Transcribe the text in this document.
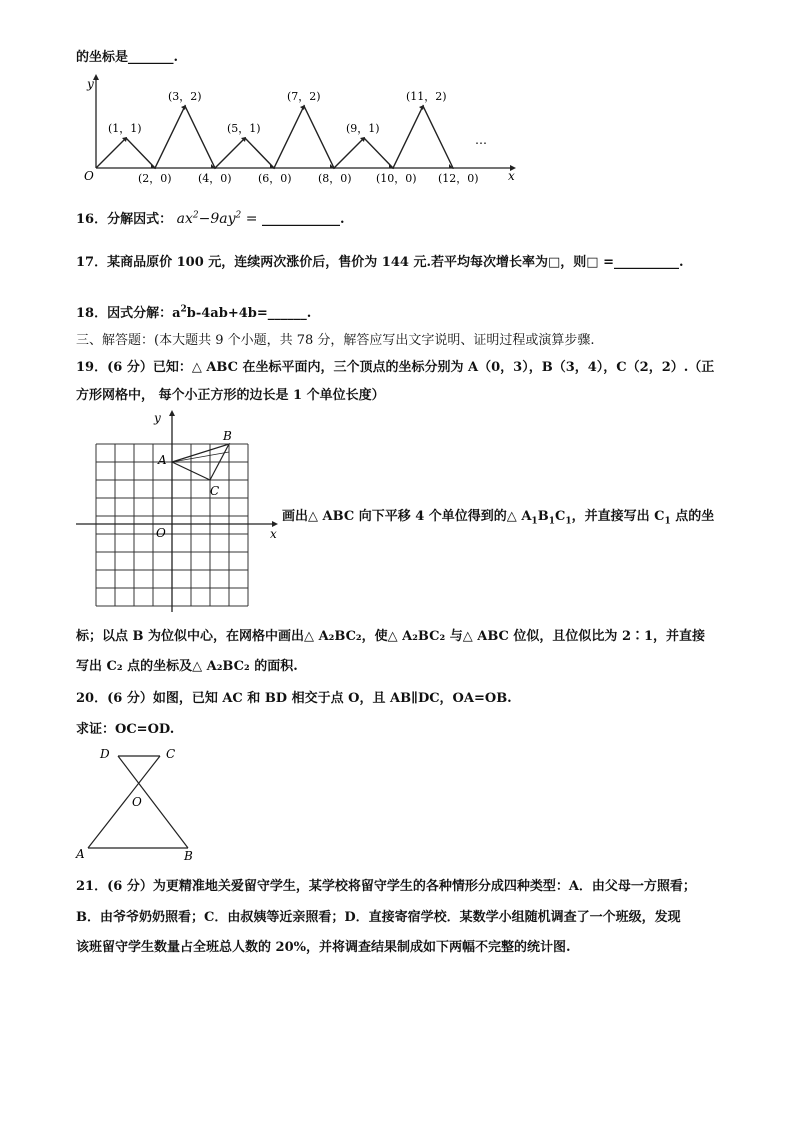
的坐标是_______.
y
x
O
…
(1，1)
(3，2)
(5，1)
(7，2)
(9，1)
(11，2)
(2，0) (4，0) (6，0) (8，0) (10，0) (12，0)
16．分解因式： $ax^2-9ay^2$ = ____________.
17．某商品原价 100 元，连续两次涨价后，售价为 144 元.若平均每次增长率为□，则□ =__________.
18．因式分解：$a^2b-4ab+4b=\_\_\_\_\_\_$.
三、解答题：(本大题共 9 个小题，共 78 分，解答应写出文字说明、证明过程或演算步骤.
19．(6 分）已知：△ ABC 在坐标平面内，三个顶点的坐标分别为 A（0，3），B（3，4），C（2，2）.（正
方形网格中， 每个小正方形的边长是 1 个单位长度）
y
x
O
A
B
C
画出△ ABC 向下平移 4 个单位得到的△ $A_1B_1C_1$，并直接写出 $C_1$ 点的坐
标；以点 B 为位似中心，在网格中画出△ A₂BC₂，使△ A₂BC₂ 与△ ABC 位似，且位似比为 2∶1，并直接
写出 C₂ 点的坐标及△ A₂BC₂ 的面积.
20．(6 分）如图，已知 AC 和 BD 相交于点 O，且 AB∥DC，OA=OB.
求证：OC=OD.
D	C
O
A	B
21．(6 分）为更精准地关爱留守学生，某学校将留守学生的各种情形分成四种类型：A．由父母一方照看；
B．由爷爷奶奶照看；C．由叔姨等近亲照看；D．直接寄宿学校．某数学小组随机调查了一个班级，发现
该班留守学生数量占全班总人数的 20%，并将调查结果制成如下两幅不完整的统计图.
